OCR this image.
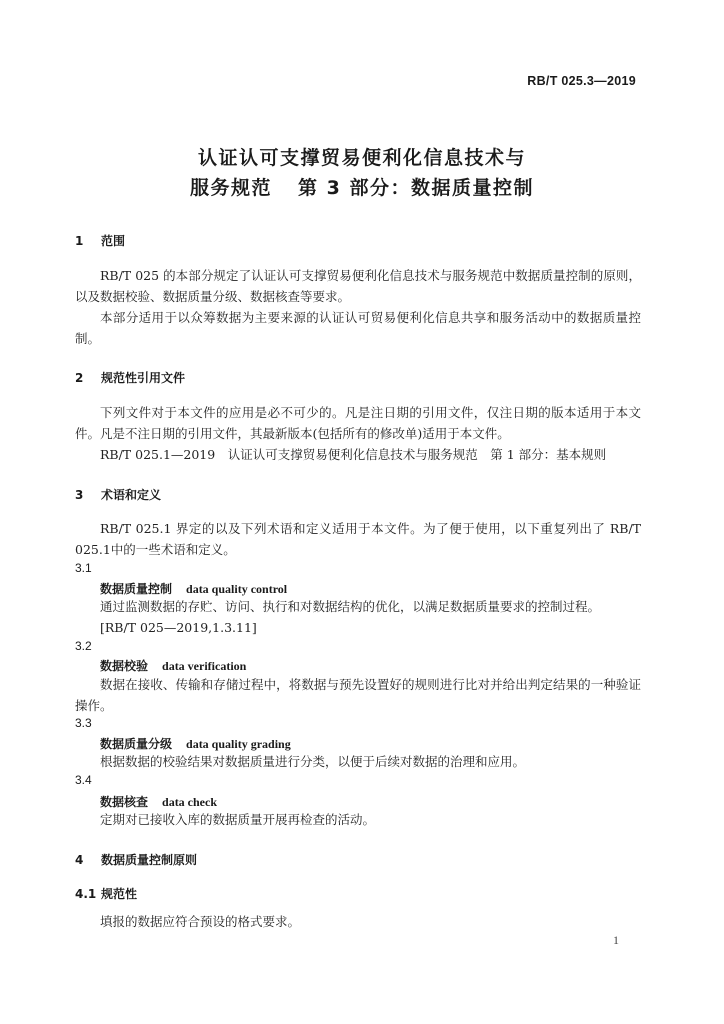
RB/T 025.3—2019
认证认可支撑贸易便利化信息技术与
服务规范 第 3 部分：数据质量控制
1 范围
RB/T 025 的本部分规定了认证认可支撑贸易便利化信息技术与服务规范中数据质量控制的原则，以及数据校验、数据质量分级、数据核查等要求。
本部分适用于以众筹数据为主要来源的认证认可贸易便利化信息共享和服务活动中的数据质量控制。
2 规范性引用文件
下列文件对于本文件的应用是必不可少的。凡是注日期的引用文件，仅注日期的版本适用于本文件。凡是不注日期的引用文件，其最新版本(包括所有的修改单)适用于本文件。
RB/T 025.1—2019　认证认可支撑贸易便利化信息技术与服务规范　第 1 部分：基本规则
3 术语和定义
RB/T 025.1 界定的以及下列术语和定义适用于本文件。为了便于使用，以下重复列出了 RB/T 025.1中的一些术语和定义。
3.1
数据质量控制 data quality control
通过监测数据的存贮、访问、执行和对数据结构的优化，以满足数据质量要求的控制过程。
[RB/T 025—2019,1.3.11]
3.2
数据校验 data verification
数据在接收、传输和存储过程中，将数据与预先设置好的规则进行比对并给出判定结果的一种验证操作。
3.3
数据质量分级 data quality grading
根据数据的校验结果对数据质量进行分类，以便于后续对数据的治理和应用。
3.4
数据核查 data check
定期对已接收入库的数据质量开展再检查的活动。
4 数据质量控制原则
4.1 规范性
填报的数据应符合预设的格式要求。
1
